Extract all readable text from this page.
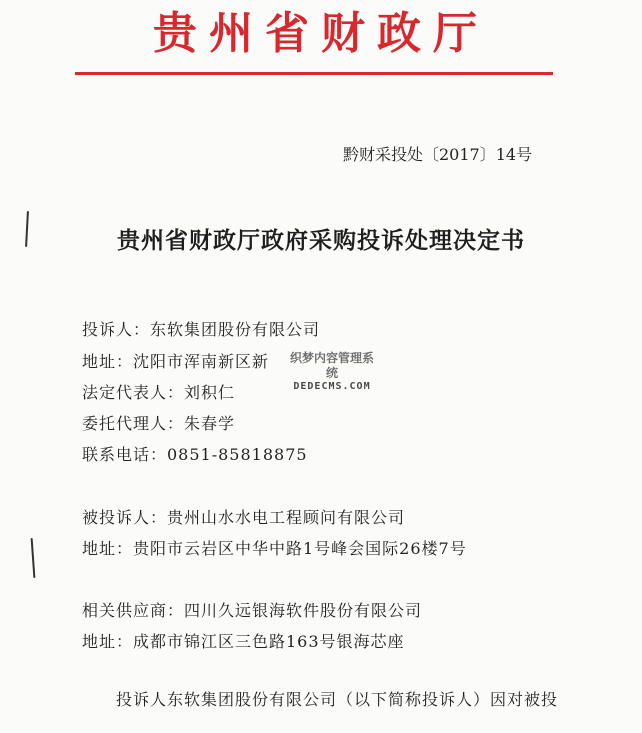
贵州省财政厅
黔财采投处〔2017〕14号
贵州省财政厅政府采购投诉处理决定书
投诉人：东软集团股份有限公司
地址：沈阳市浑南新区新
法定代表人：刘积仁
委托代理人：朱春学
联系电话：0851-85818875
织梦内容管理系统
DEDECMS.COM
被投诉人：贵州山水水电工程顾问有限公司
地址：贵阳市云岩区中华中路1号峰会国际26楼7号
相关供应商：四川久远银海软件股份有限公司
地址：成都市锦江区三色路163号银海芯座
投诉人东软集团股份有限公司（以下简称投诉人）因对被投
